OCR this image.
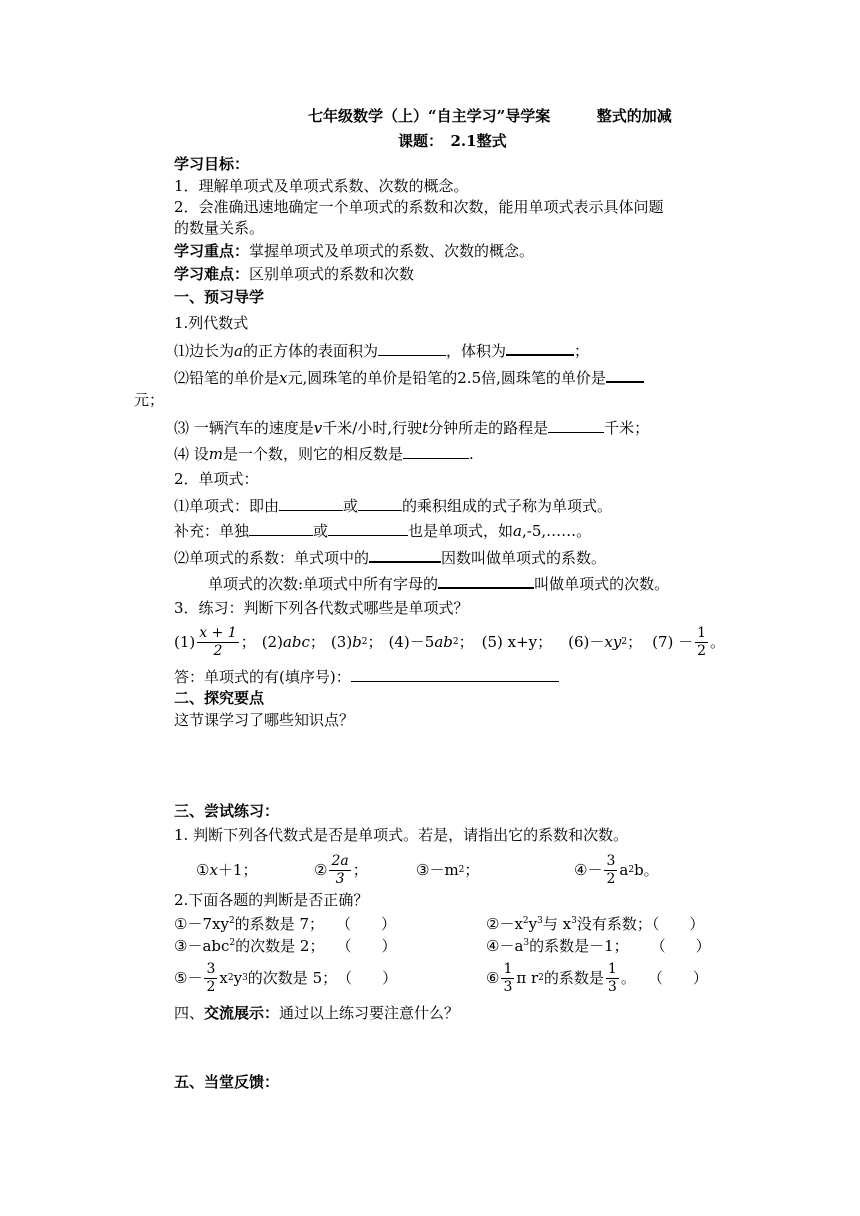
七年级数学（上）“自主学习”导学案	整式的加减
课题：　2.1整式
学习目标：
1．理解单项式及单项式系数、次数的概念。
2．会准确迅速地确定一个单项式的系数和次数，能用单项式表示具体问题
的数量关系。
学习重点：掌握单项式及单项式的系数、次数的概念。
学习难点：区别单项式的系数和次数
一、预习导学
1.列代数式
⑴边长为a的正方体的表面积为	，体积为	；
⑵铅笔的单价是x元,圆珠笔的单价是铅笔的2.5倍,圆珠笔的单价是
元；
⑶ 一辆汽车的速度是v千米/小时,行驶t分钟所走的路程是	千米；
⑷ 设m是一个数，则它的相反数是	.
2．单项式：
⑴单项式：即由	或	的乘积组成的式子称为单项式。
补充：单独	或	也是单项式，如a,-5,……。
⑵单项式的系数：单式项中的	因数叫做单项式的系数。
单项式的次数:单项式中所有字母的	叫做单项式的次数。
3．练习：判断下列各代数式哪些是单项式？
$(1) \frac{x + 1}{2}$ ； (2) abc ； (3) b 2 ； (4)－5 ab 2 ； (5) x+y； (6)－ xy 2 ； $(7) - \frac{1}{2}$ 。
答：单项式的有(填序号)：
二、探究要点
这节课学习了哪些知识点？
三、尝试练习：
1. 判断下列各代数式是否是单项式。若是，请指出它的系数和次数。
① x ＋1；	② $\frac{2a}{3}$ ；	③－m 2 ；	④－ $\frac{3}{2}$ a 2 b。
2.下面各题的判断是否正确？
$①-7xy^2$的系数是 7； （　　）	$②-x^2y^3$与 $x^3$没有系数；（　　）
③－abc$^2$的次数是 2； （　　）	$④-a^3$的系数是－1； （　　）
⑤－ $\frac{3}{2}$ x 2 y 3 的次数是 5； （　　）	⑥ $\frac{1}{3}$ π r 2 的系数是 $\frac{1}{3}$ 。 （　　）
四、交流展示：通过以上练习要注意什么？
五、当堂反馈：
